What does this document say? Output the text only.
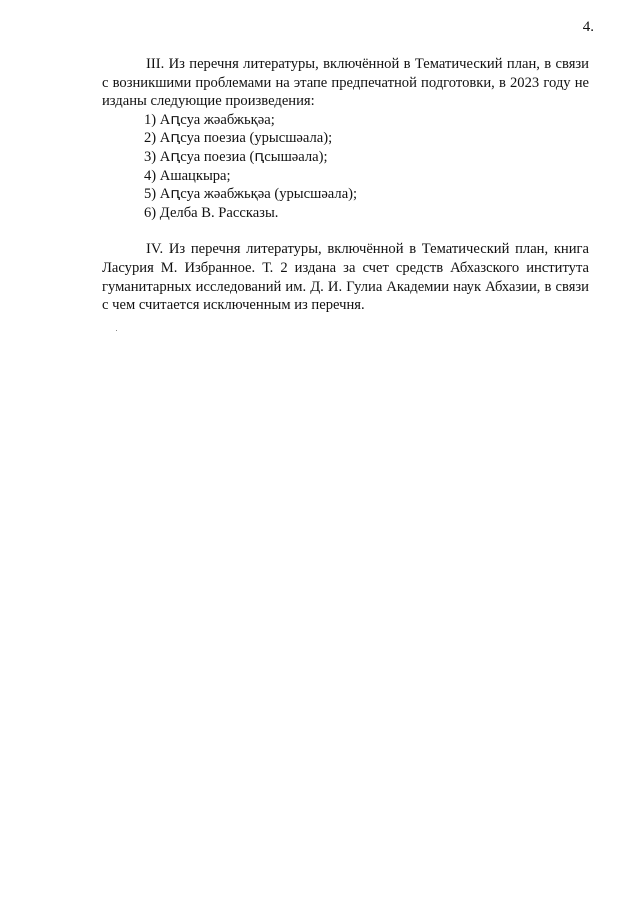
4.

III. Из перечня литературы, включённой в Тематический план, в связи с возникшими проблемами на этапе предпечатной подготовки, в 2023 году не изданы следующие произведения:

1) Аԥсуа жәабжьқәа;
2) Аԥсуа поезиа (урысшәала);
3) Аԥсуа поезиа (ԥсышәала);
4) Ашацкыра;
5) Аԥсуа жәабжьқәа (урысшәала);
6) Делба В. Рассказы.

IV. Из перечня литературы, включённой в Тематический план, книга Ласурия М. Избранное. Т. 2 издана за счет средств Абхазского института гуманитарных исследований им. Д. И. Гулиа Академии наук Абхазии, в связи с чем считается исключенным из перечня.
